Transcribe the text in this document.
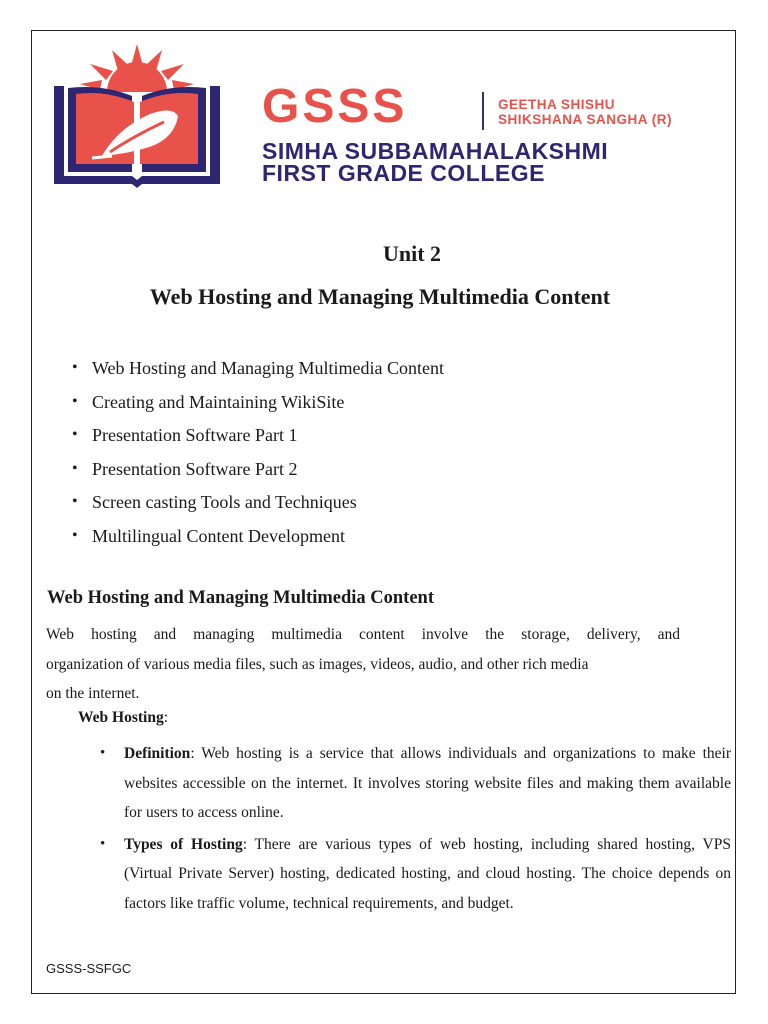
GSSS	GEETHA SHISHU
SHIKSHANA SANGHA (R)
SIMHA SUBBAMAHALAKSHMI
FIRST GRADE COLLEGE
Unit 2
Web Hosting and Managing Multimedia Content
• Web Hosting and Managing Multimedia Content
• Creating and Maintaining WikiSite
• Presentation Software Part 1
• Presentation Software Part 2
• Screen casting Tools and Techniques
• Multilingual Content Development
Web Hosting and Managing Multimedia Content
Web hosting and managing multimedia content involve the storage, delivery, and
organization of various media files, such as images, videos, audio, and other rich media
on the internet.
Web Hosting:
• Definition: Web hosting is a service that allows individuals and organizations to make their websites accessible on the internet. It involves storing website files and making them available for users to access online.
• Types of Hosting: There are various types of web hosting, including shared hosting, VPS (Virtual Private Server) hosting, dedicated hosting, and cloud hosting. The choice depends on factors like traffic volume, technical requirements, and budget.
GSSS-SSFGC
